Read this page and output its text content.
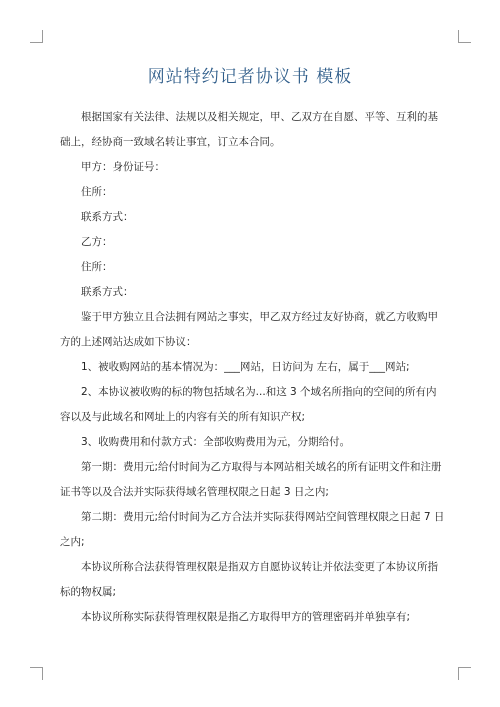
网站特约记者协议书 模板

根据国家有关法律、法规以及相关规定，甲、乙双方在自愿、平等、互利的基础上，经协商一致域名转让事宜，订立本合同。

甲方：身份证号：

住所：

联系方式：

乙方：

住所：

联系方式：

鉴于甲方独立且合法拥有网站之事实，甲乙双方经过友好协商，就乙方收购甲方的上述网站达成如下协议：

1、被收购网站的基本情况为：___网站，日访问为 左右，属于___网站;

2、本协议被收购的标的物包括域名为...和这 3 个域名所指向的空间的所有内容以及与此域名和网址上的内容有关的所有知识产权;

3、收购费用和付款方式：全部收购费用为元，分期给付。

第一期：费用元;给付时间为乙方取得与本网站相关域名的所有证明文件和注册证书等以及合法并实际获得域名管理权限之日起 3 日之内;

第二期：费用元;给付时间为乙方合法并实际获得网站空间管理权限之日起 7 日之内;

本协议所称合法获得管理权限是指双方自愿协议转让并依法变更了本协议所指标的物权属;

本协议所称实际获得管理权限是指乙方取得甲方的管理密码并单独享有;
